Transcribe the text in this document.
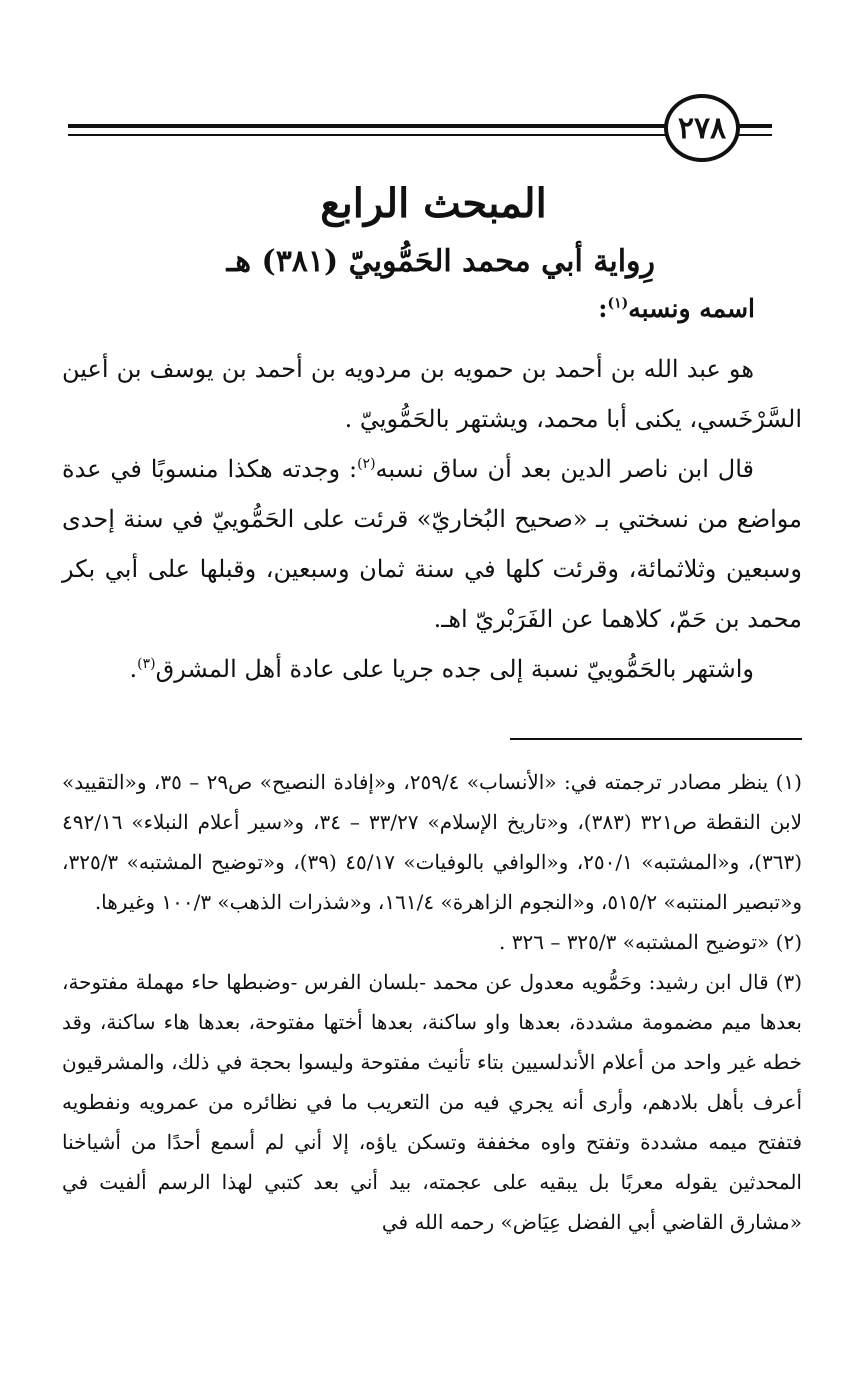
٢٧٨
المبحث الرابع
رِواية أبي محمد الحَمُّوييّ (٣٨١) هـ
اسمه ونسبه$^{(١)}$:

هو عبد الله بن أحمد بن حمويه بن مردويه بن أحمد بن يوسف بن أعين السَّرْخَسي، يكنى أبا محمد، ويشتهر بالحَمُّوييّ .

قال ابن ناصر الدين بعد أن ساق نسبه$^{(٢)}$: وجدته هكذا منسوبًا في عدة مواضع من نسختي بـ «صحيح البُخاريّ» قرئت على الحَمُّوييّ في سنة إحدى وسبعين وثلاثمائة، وقرئت كلها في سنة ثمان وسبعين، وقبلها على أبي بكر محمد بن حَمّ، كلاهما عن الفَرَبْريّ اهـ.

واشتهر بالحَمُّوييّ نسبة إلى جده جريا على عادة أهل المشرق$^{(٣)}$.

(١) ينظر مصادر ترجمته في: «الأنساب» ٢٥٩/٤، و«إفادة النصيح» ص٢٩ – ٣٥، و«التقييد» لابن النقطة ص٣٢١ (٣٨٣)، و«تاريخ الإسلام» ٣٣/٢٧ – ٣٤، و«سير أعلام النبلاء» ٤٩٢/١٦ (٣٦٣)، و«المشتبه» ٢٥٠/١، و«الوافي بالوفيات» ٤٥/١٧ (٣٩)، و«توضيح المشتبه» ٣٢٥/٣، و«تبصير المنتبه» ٥١٥/٢، و«النجوم الزاهرة» ١٦١/٤، و«شذرات الذهب» ١٠٠/٣ وغيرها.

(٢) «توضيح المشتبه» ٣٢٥/٣ – ٣٢٦ .

(٣) قال ابن رشيد: وحَمُّويه معدول عن محمد -بلسان الفرس -وضبطها حاء مهملة مفتوحة، بعدها ميم مضمومة مشددة، بعدها واو ساكنة، بعدها أختها مفتوحة، بعدها هاء ساكنة، وقد خطه غير واحد من أعلام الأندلسيين بتاء تأنيث مفتوحة وليسوا بحجة في ذلك، والمشرقيون أعرف بأهل بلادهم، وأرى أنه يجري فيه من التعريب ما في نظائره من عمرويه ونفطويه فتفتح ميمه مشددة وتفتح واوه مخففة وتسكن ياؤه، إلا أني لم أسمع أحدًا من أشياخنا المحدثين يقوله معربًا بل يبقيه على عجمته، بيد أني بعد كتبي لهذا الرسم ألفيت في «مشارق القاضي أبي الفضل عِيَاض» رحمه الله في
